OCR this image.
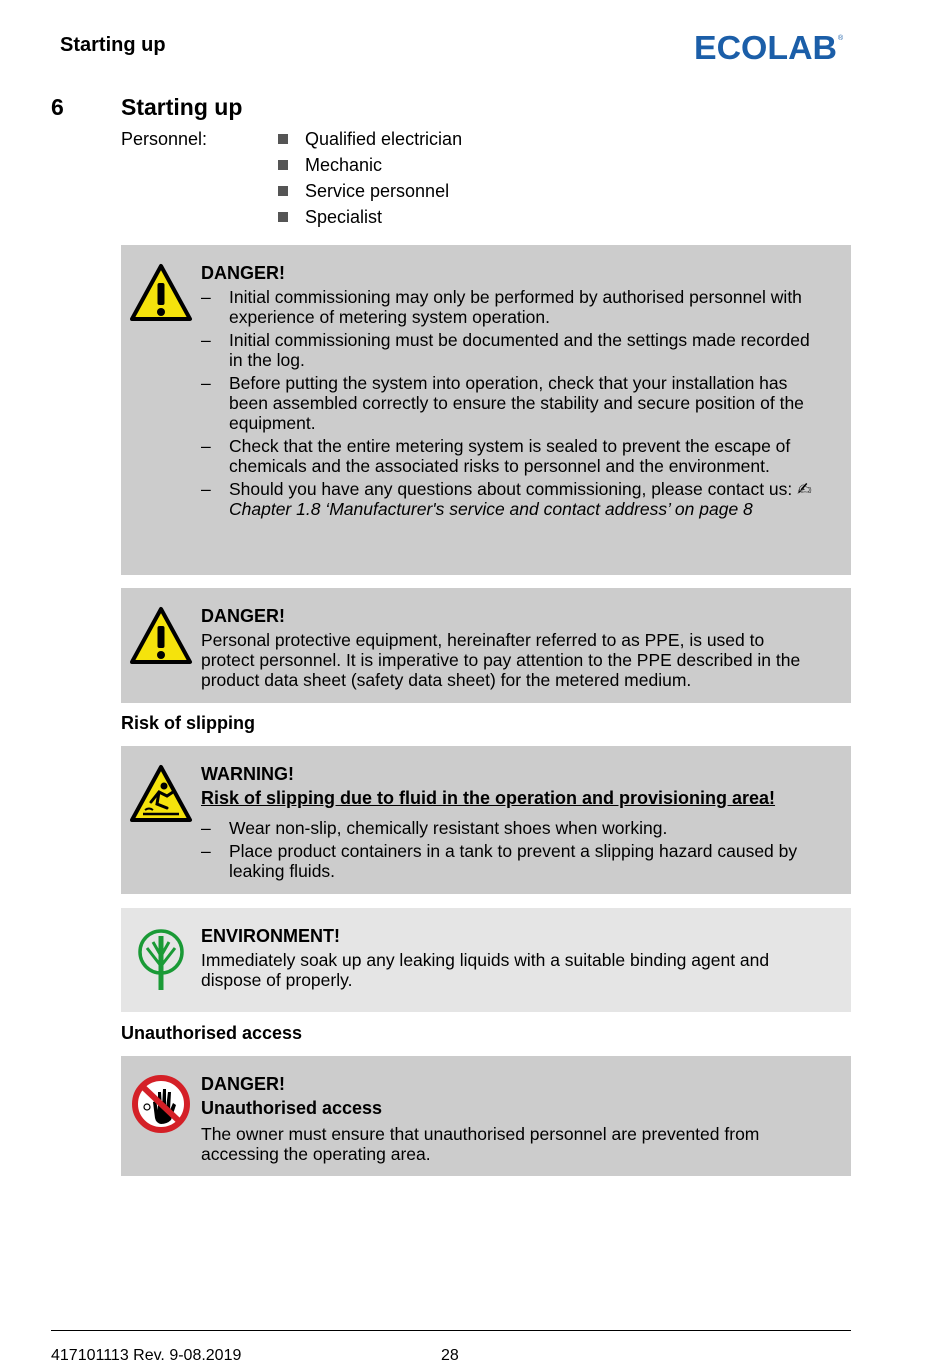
Starting up	ECOLAB ®
6 Starting up
Personnel:	Qualified electrician
Mechanic
Service personnel
Specialist
DANGER!
– Initial commissioning may only be performed by authorised personnel with experience of metering system operation.
– Initial commissioning must be documented and the settings made recorded in the log.
– Before putting the system into operation, check that your installation has been assembled correctly to ensure the stability and secure position of the equipment.
– Check that the entire metering system is sealed to prevent the escape of chemicals and the associated risks to personnel and the environment.
– Should you have any questions about commissioning, please contact us: ✍ Chapter 1.8 ‘Manufacturer's service and contact address’ on page 8
DANGER!

Personal protective equipment, hereinafter referred to as PPE, is used to protect personnel. It is imperative to pay attention to the PPE described in the product data sheet (safety data sheet) for the metered medium.

Risk of slipping
WARNING!
Risk of slipping due to fluid in the operation and provisioning area!
– Wear non-slip, chemically resistant shoes when working.
– Place product containers in a tank to prevent a slipping hazard caused by leaking fluids.
ENVIRONMENT!

Immediately soak up any leaking liquids with a suitable binding agent and dispose of properly.

Unauthorised access
DANGER!
Unauthorised access

The owner must ensure that unauthorised personnel are prevented from accessing the operating area.

417101113 Rev. 9-08.2019	28
